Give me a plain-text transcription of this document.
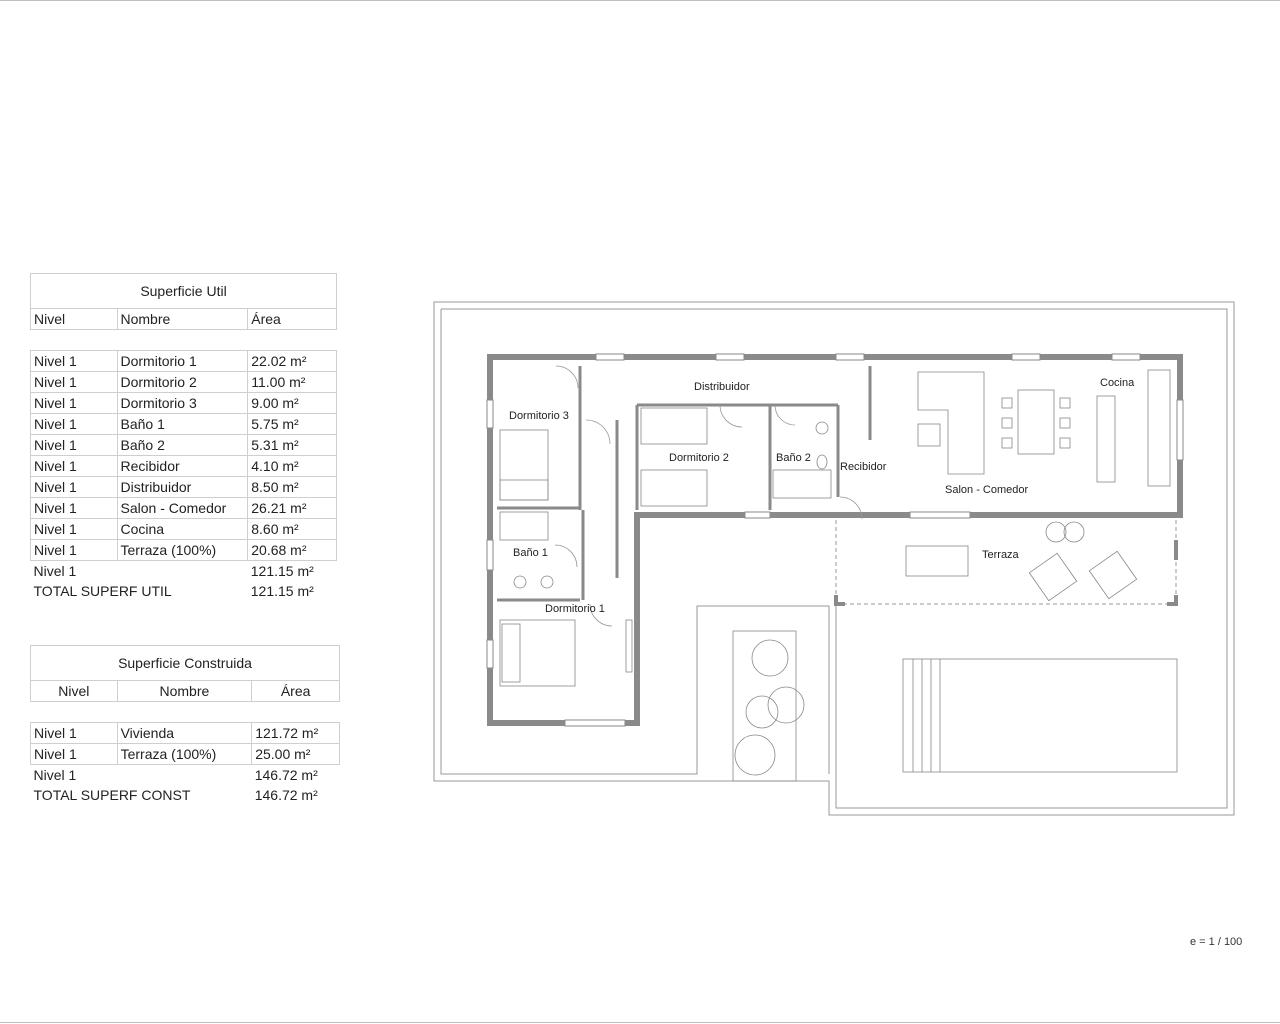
Superficie Util		
Nivel	Nombre	Área

Nivel 1	Dormitorio 1	22.02 m²
Nivel 1	Dormitorio 2	11.00 m²
Nivel 1	Dormitorio 3	9.00 m²
Nivel 1	Baño 1	5.75 m²
Nivel 1	Baño 2	5.31 m²
Nivel 1	Recibidor	4.10 m²
Nivel 1	Distribuidor	8.50 m²
Nivel 1	Salon - Comedor	26.21 m²
Nivel 1	Cocina	8.60 m²
Nivel 1	Terraza (100%)	20.68 m²
Nivel 1		121.15 m²
TOTAL SUPERF UTIL		121.15 m²
Superficie Construida		
Nivel	Nombre	Área

Nivel 1	Vivienda	121.72 m²
Nivel 1	Terraza (100%)	25.00 m²
Nivel 1		146.72 m²
TOTAL SUPERF CONST		146.72 m²
Distribuidor	Cocina
Dormitorio 3
Dormitorio 2	Baño 2
Recibidor
Salon - Comedor
Terraza
Baño 1
Dormitorio 1
e = 1 / 100
